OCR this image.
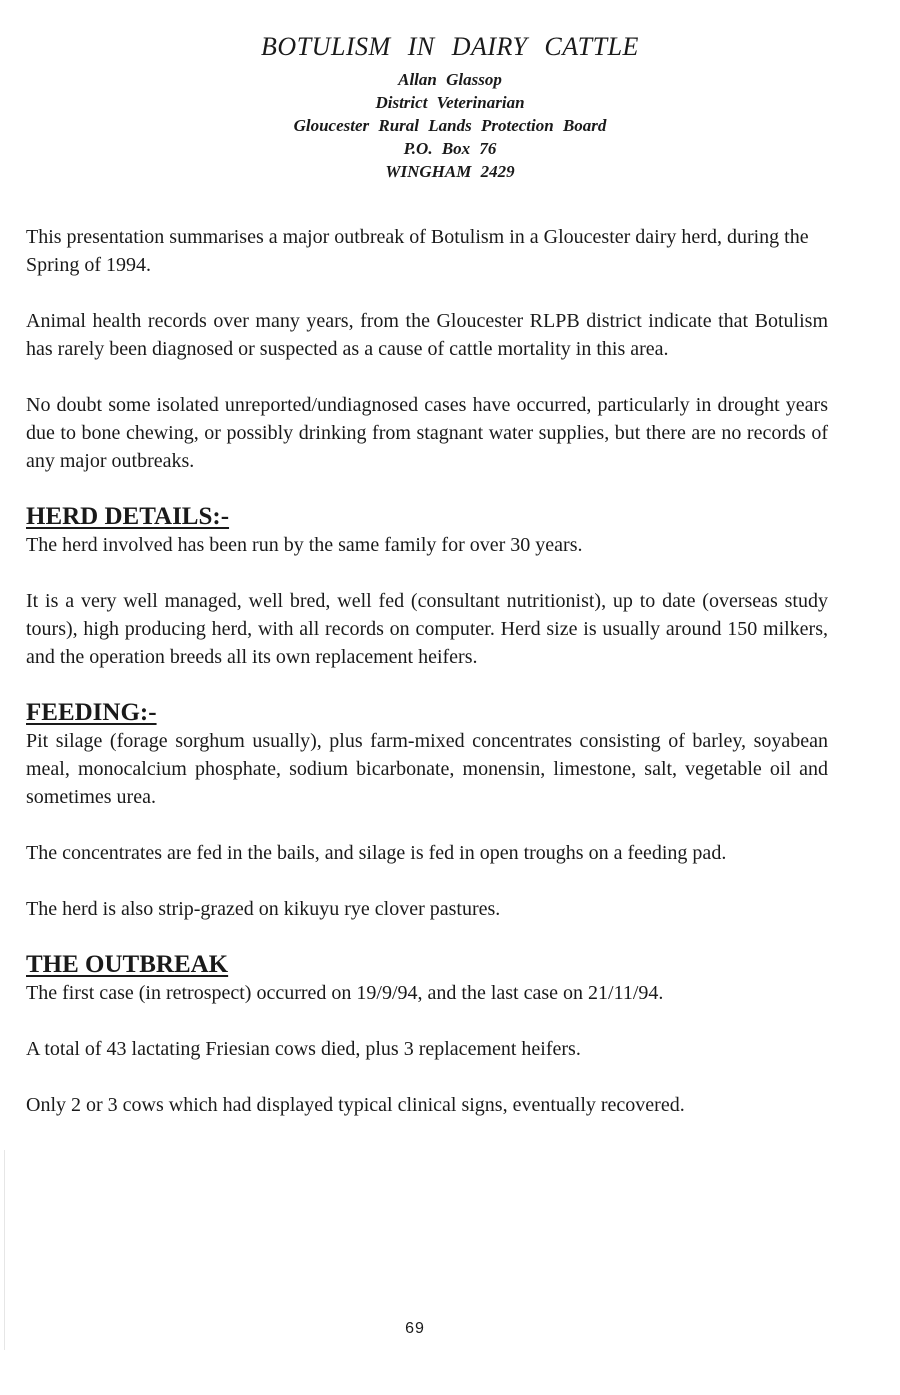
BOTULISM IN DAIRY CATTLE
Allan Glassop
District Veterinarian
Gloucester Rural Lands Protection Board
P.O. Box 76
WINGHAM 2429

This presentation summarises a major outbreak of Botulism in a Gloucester dairy herd, during the Spring of 1994.

Animal health records over many years, from the Gloucester RLPB district indicate that Botulism has rarely been diagnosed or suspected as a cause of cattle mortality in this area.

No doubt some isolated unreported/undiagnosed cases have occurred, particularly in drought years due to bone chewing, or possibly drinking from stagnant water supplies, but there are no records of any major outbreaks.

HERD DETAILS:-

The herd involved has been run by the same family for over 30 years.

It is a very well managed, well bred, well fed (consultant nutritionist), up to date (overseas study tours), high producing herd, with all records on computer. Herd size is usually around 150 milkers, and the operation breeds all its own replacement heifers.

FEEDING:-

Pit silage (forage sorghum usually), plus farm-mixed concentrates consisting of barley, soyabean meal, monocalcium phosphate, sodium bicarbonate, monensin, limestone, salt, vegetable oil and sometimes urea.

The concentrates are fed in the bails, and silage is fed in open troughs on a feeding pad.

The herd is also strip-grazed on kikuyu rye clover pastures.

THE OUTBREAK

The first case (in retrospect) occurred on 19/9/94, and the last case on 21/11/94.

A total of 43 lactating Friesian cows died, plus 3 replacement heifers.

Only 2 or 3 cows which had displayed typical clinical signs, eventually recovered.

69
